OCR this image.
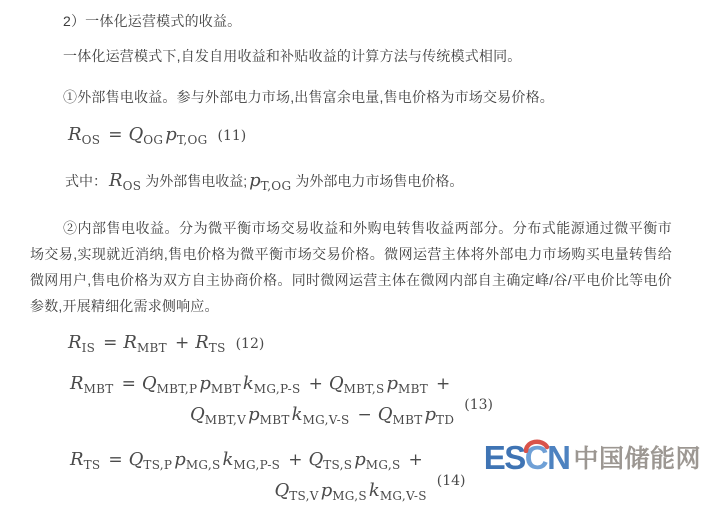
2）一体化运营模式的收益。

一体化运营模式下,自发自用收益和补贴收益的计算方法与传统模式相同。

①外部售电收益。参与外部电力市场,出售富余电量,售电价格为市场交易价格。

$R_{OS} = Q_{OG}$ $p_{T,OG}$ (11)
式中： $R_{OS}$ 为外部售电收益; $p_{T,OG}$ 为外部电力市场售电价格。

②内部售电收益。分为微平衡市场交易收益和外购电转售收益两部分。分布式能源通过微平衡市场交易,实现就近消纳,售电价格为微平衡市场交易价格。微网运营主体将外部电力市场购买电量转售给微网用户,售电价格为双方自主协商价格。同时微网运营主体在微网内部自主确定峰/谷/平电价比等电价参数,开展精细化需求侧响应。

$R_{IS} = R_{MBT} + R_{TS}$ (12)
$R_{MBT} = Q_{MBT,P}$ $p_{MBT}$ $k_{MG,P-S} + Q_{MBT,S}$ $p_{MBT}$ +
$Q_{MBT,V}$ $p_{MBT}$ $k_{MG,V-S} - Q_{MBT}$ $p_{TD}$
(13)
$R_{TS} = Q_{TS,P}$ $p_{MG,S}$ $k_{MG,P-S} + Q_{TS,S}$ $p_{MG,S}$ +
$Q_{TS,V}$ $p_{MG,S}$ $k_{MG,V-S}$
(14)
ESC
N 中国储能网
